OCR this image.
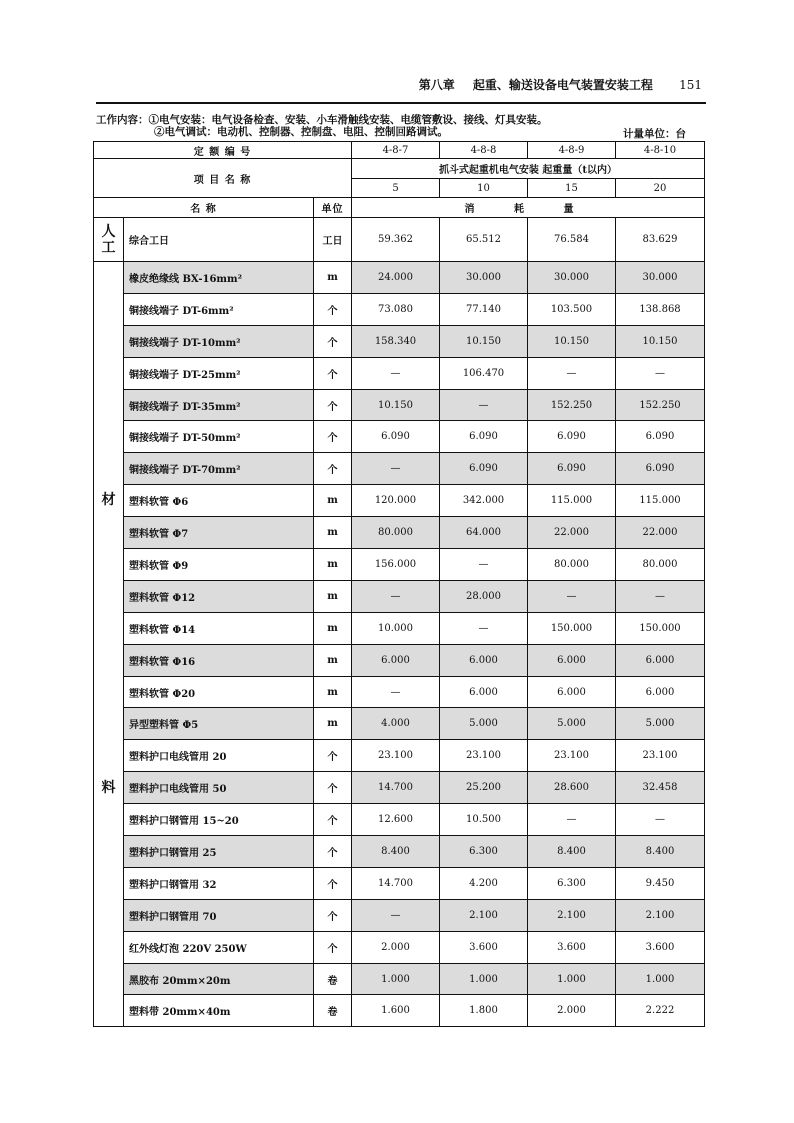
第八章 起重、输送设备电气装置安装工程 151
工作内容：①电气安装：电气设备检查、安装、小车滑触线安装、电缆管敷设、接线、灯具安装。
②电气调试：电动机、控制器、控制盘、电阻、控制回路调试。	计量单位：台
定 额 编 号			4-8-7	4-8-8	4-8-9	4-8-10
项 目 名 称			抓斗式起重机电气安装 起重量（t以内）			
			5	10	15	20
名 称		单位	消 耗 量			

人
工	综合工日	工日	59.362	65.512	76.584	83.629

材
料	橡皮绝缘线 BX-16mm²	m	24.000	30.000	30.000	30.000
	铜接线端子 DT-6mm²	个	73.080	77.140	103.500	138.868
	铜接线端子 DT-10mm²	个	158.340	10.150	10.150	10.150
	铜接线端子 DT-25mm²	个	—	106.470	—	—
	铜接线端子 DT-35mm²	个	10.150	—	152.250	152.250
	铜接线端子 DT-50mm²	个	6.090	6.090	6.090	6.090
	铜接线端子 DT-70mm²	个	—	6.090	6.090	6.090
	塑料软管 Φ6	m	120.000	342.000	115.000	115.000
	塑料软管 Φ7	m	80.000	64.000	22.000	22.000
	塑料软管 Φ9	m	156.000	—	80.000	80.000
	塑料软管 Φ12	m	—	28.000	—	—
	塑料软管 Φ14	m	10.000	—	150.000	150.000
	塑料软管 Φ16	m	6.000	6.000	6.000	6.000
	塑料软管 Φ20	m	—	6.000	6.000	6.000
	异型塑料管 Φ5	m	4.000	5.000	5.000	5.000
	塑料护口电线管用 20	个	23.100	23.100	23.100	23.100
	塑料护口电线管用 50	个	14.700	25.200	28.600	32.458
	塑料护口钢管用 15~20	个	12.600	10.500	—	—
	塑料护口钢管用 25	个	8.400	6.300	8.400	8.400
	塑料护口钢管用 32	个	14.700	4.200	6.300	9.450
	塑料护口钢管用 70	个	—	2.100	2.100	2.100
	红外线灯泡 220V 250W	个	2.000	3.600	3.600	3.600
	黑胶布 20mm×20m	卷	1.000	1.000	1.000	1.000
	塑料带 20mm×40m	卷	1.600	1.800	2.000	2.222
